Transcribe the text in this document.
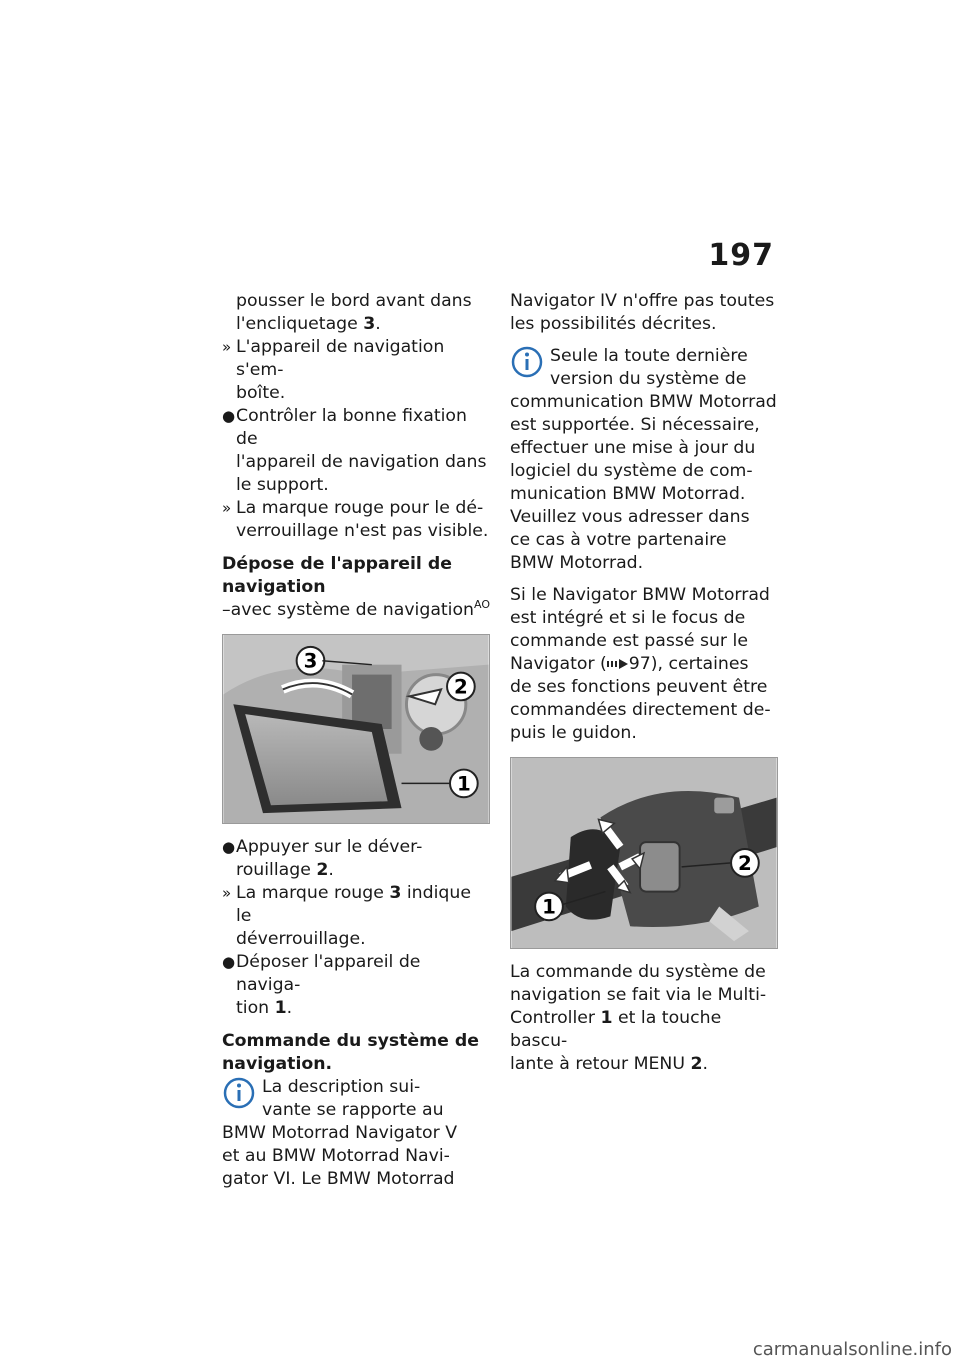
197
pousser le bord avant dans
l'encliquetage 3.
» L'appareil de navigation s'em-
boîte.
● Contrôler la bonne fixation de
l'appareil de navigation dans
le support.
» La marque rouge pour le dé-
verrouillage n'est pas visible.
Dépose de l'appareil de
navigation
–avec système de navigation$^{AO}$
3
2
1
● Appuyer sur le déver-
rouillage 2.
» La marque rouge 3 indique le
déverrouillage.
● Déposer l'appareil de naviga-
tion 1.
Commande du système de
navigation.
La description sui-
vante se rapporte au
BMW Motorrad Navigator V
et au BMW Motorrad Navi-
gator VI. Le BMW Motorrad
Navigator IV n'offre pas toutes
les possibilités décrites.
Seule la toute dernière
version du système de
communication BMW Motorrad
est supportée. Si nécessaire,
effectuer une mise à jour du
logiciel du système de com-
munication BMW Motorrad.
Veuillez vous adresser dans
ce cas à votre partenaire
BMW Motorrad.
Si le Navigator BMW Motorrad
est intégré et si le focus de
commande est passé sur le
Navigator ( 97), certaines
de ses fonctions peuvent être
commandées directement de-
puis le guidon.
2
1
La commande du système de
navigation se fait via le Multi-
Controller 1 et la touche bascu-
lante à retour MENU 2.
carmanualsonline.info
